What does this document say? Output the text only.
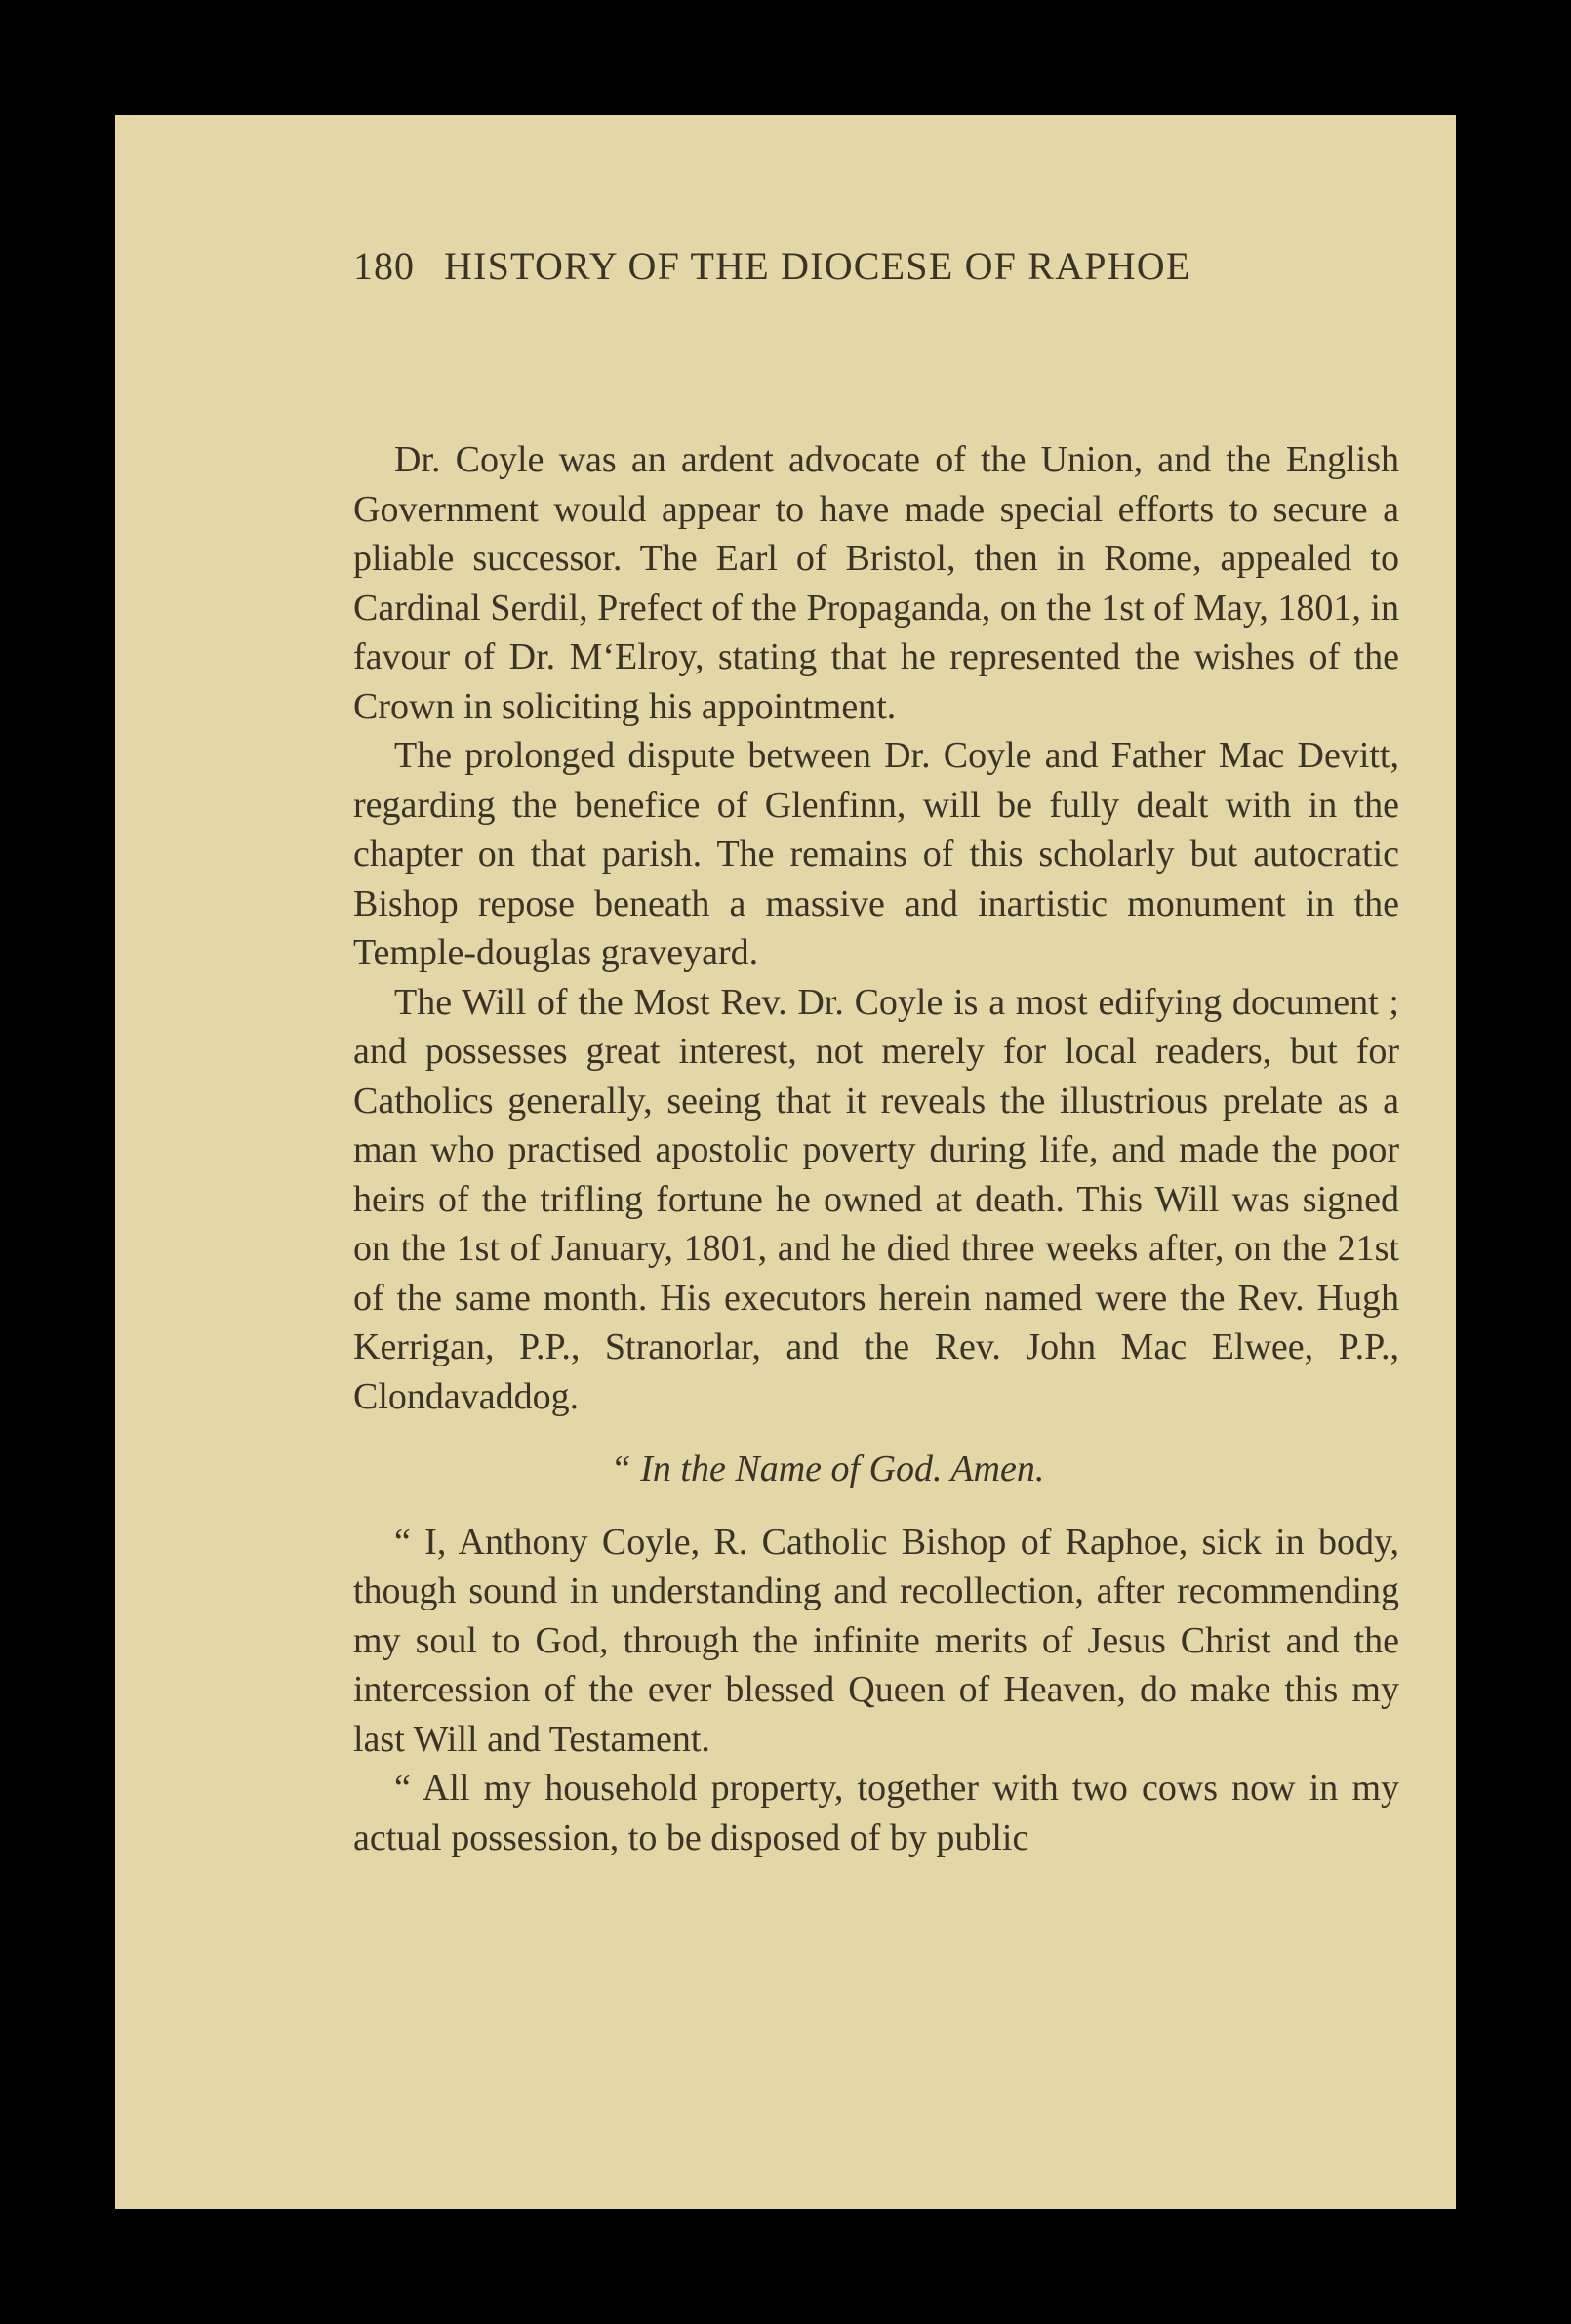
180 HISTORY OF THE DIOCESE OF RAPHOE

Dr. Coyle was an ardent advocate of the Union, and the English Government would appear to have made special efforts to secure a pliable successor. The Earl of Bristol, then in Rome, appealed to Cardinal Serdil, Prefect of the Propaganda, on the 1st of May, 1801, in favour of Dr. M‘Elroy, stating that he represented the wishes of the Crown in soliciting his appointment.

The prolonged dispute between Dr. Coyle and Father Mac Devitt, regarding the benefice of Glenfinn, will be fully dealt with in the chapter on that parish. The remains of this scholarly but autocratic Bishop repose beneath a massive and inartistic monument in the Temple-douglas graveyard.

The Will of the Most Rev. Dr. Coyle is a most edifying document ; and possesses great interest, not merely for local readers, but for Catholics generally, seeing that it reveals the illustrious prelate as a man who practised apostolic poverty during life, and made the poor heirs of the trifling fortune he owned at death. This Will was signed on the 1st of January, 1801, and he died three weeks after, on the 21st of the same month. His executors herein named were the Rev. Hugh Kerrigan, P.P., Stranorlar, and the Rev. John Mac Elwee, P.P., Clondavaddog.

“ In the Name of God. Amen.

“ I, Anthony Coyle, R. Catholic Bishop of Raphoe, sick in body, though sound in understanding and recollection, after recommending my soul to God, through the infinite merits of Jesus Christ and the intercession of the ever blessed Queen of Heaven, do make this my last Will and Testament.

“ All my household property, together with two cows now in my actual possession, to be disposed of by public
